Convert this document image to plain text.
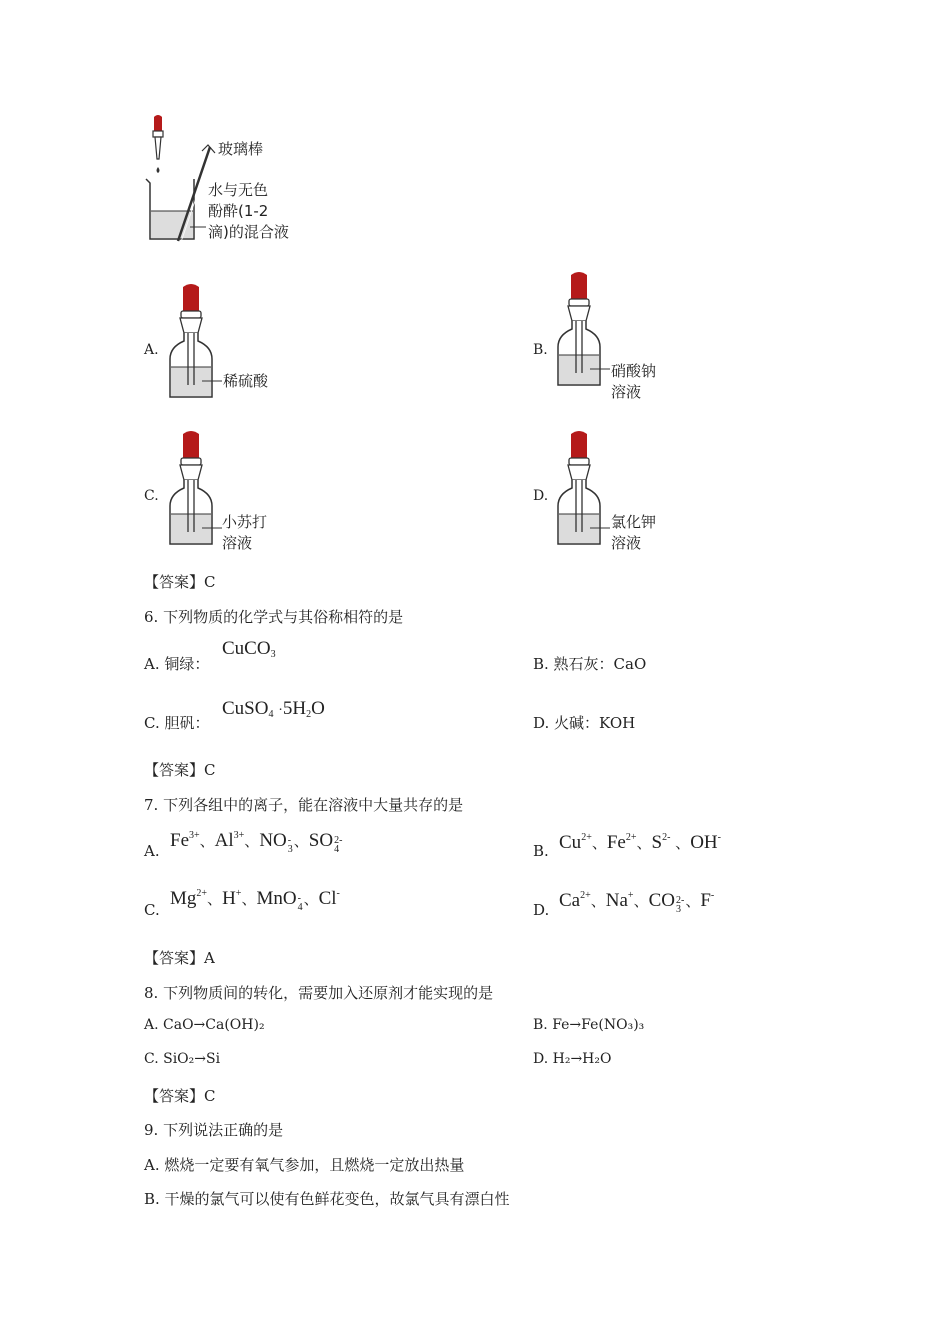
玻璃棒
水与无色
酚酔(1-2
滴)的混合液
A.
稀硫酸
B.
硝酸钠
溶液
C.
小苏打
溶液
D.
氯化钾
溶液
【答案】C
6. 下列物质的化学式与其俗称相符的是
A. 铜绿：
CuCO$_3$
B. 熟石灰：CaO
C. 胆矾：
CuSO$_4$ $\cdot 5H_2O$
D. 火碱：KOH
【答案】C
7. 下列各组中的离子，能在溶液中大量共存的是
A. $Fe^{3+}$、$Al^{3+}$、NO -
3 、SO 2-
4	B. $Cu^{2+}$、$Fe^{2+}$、$S^{2-}$ 、OH-
C.
$Mg^{2+}$、H+、MnO -
4 、Cl-
D. $Ca^{2+}$、Na+、CO 2-
3 、F-
【答案】A
8. 下列物质间的转化，需要加入还原剂才能实现的是
A. CaO→Ca(OH)₂	B. Fe→Fe(NO₃)₃
C. SiO₂→Si	D. H₂→H₂O
【答案】C
9. 下列说法正确的是
A. 燃烧一定要有氧气参加，且燃烧一定放出热量
B. 干燥的氯气可以使有色鲜花变色，故氯气具有漂白性
